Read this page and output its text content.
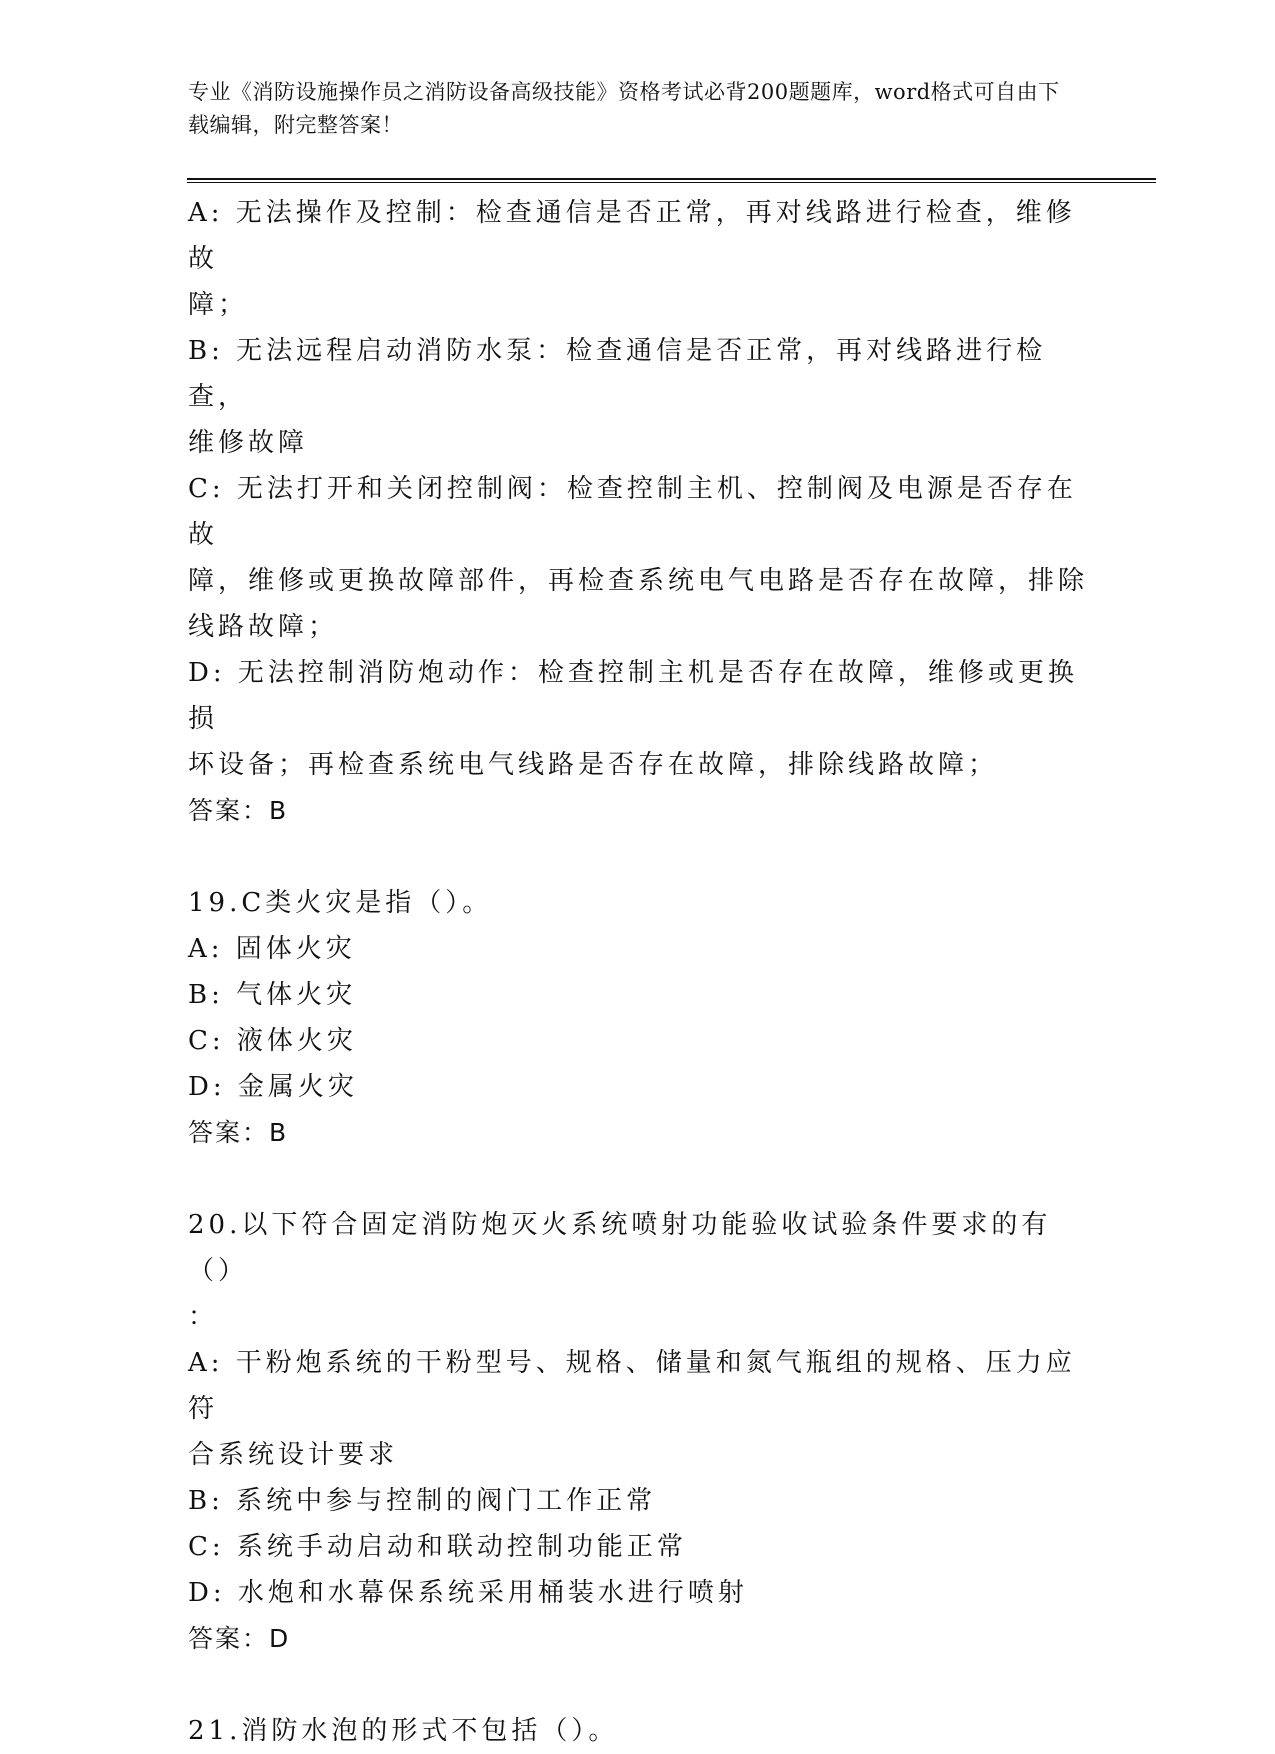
专业《消防设施操作员之消防设备高级技能》资格考试必背200题题库，word格式可自由下载编辑，附完整答案！

A: 无法操作及控制：检查通信是否正常，再对线路进行检查，维修故

障；

B: 无法远程启动消防水泵：检查通信是否正常，再对线路进行检查，

维修故障

C: 无法打开和关闭控制阀：检查控制主机、控制阀及电源是否存在故

障，维修或更换故障部件，再检查系统电气电路是否存在故障，排除

线路故障；

D: 无法控制消防炮动作：检查控制主机是否存在故障，维修或更换损

坏设备；再检查系统电气线路是否存在故障，排除线路故障；

答案：B

19.C类火灾是指（）。

A: 固体火灾

B: 气体火灾

C: 液体火灾

D: 金属火灾

答案：B

20.以下符合固定消防炮灭火系统喷射功能验收试验条件要求的有（）

：

A: 干粉炮系统的干粉型号、规格、储量和氮气瓶组的规格、压力应符

合系统设计要求

B: 系统中参与控制的阀门工作正常

C: 系统手动启动和联动控制功能正常

D: 水炮和水幕保系统采用桶装水进行喷射

答案：D

21.消防水泡的形式不包括（）。
